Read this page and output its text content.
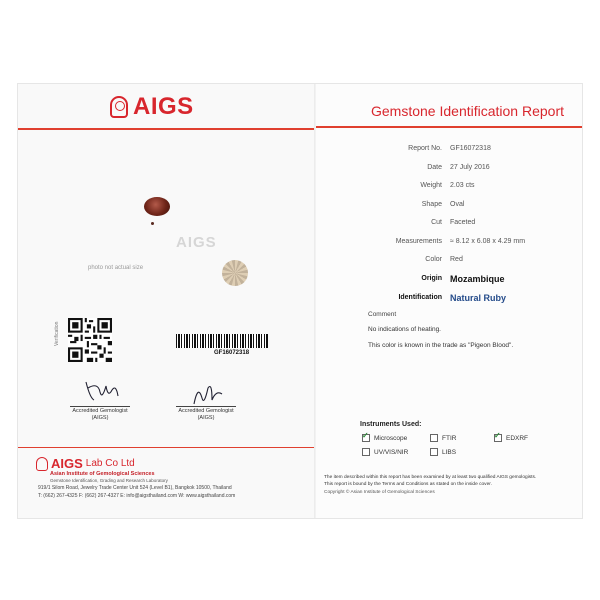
AIGS
AIGS
photo not actual size
Verification
GF16072318
Accredited Gemologist
(AIGS)
Accredited Gemologist
(AIGS)
AIGS Lab Co Ltd
Asian Institute of Gemological Sciences
Gemstone Identification, Grading and Research Laboratory
919/1 Silom Road, Jewelry Trade Center Unit 524 (Level B1), Bangkok 10500, Thailand
T: (662) 267-4325 F: (662) 267-4327 E: info@aigsthailand.com W: www.aigsthailand.com
Gemstone Identification Report
Report No. GF16072318
Date 27 July 2016
Weight 2.03 cts
Shape Oval
Cut Faceted
Measurements ≈ 8.12 x 6.08 x 4.29 mm
Color Red
Origin Mozambique
Identification Natural Ruby
Comment
No indications of heating.
This color is known in the trade as "Pigeon Blood".
Instruments Used:
✓
Microscope	FTIR
✓	EDXRF
UV/VIS/NIR	LIBS
The item described within this report has been examined by at least two qualified AIGS gemologists.
This report is bound by the Terms and Conditions as stated on the inside cover.
Copyright © Asian Institute of Gemological Sciences
